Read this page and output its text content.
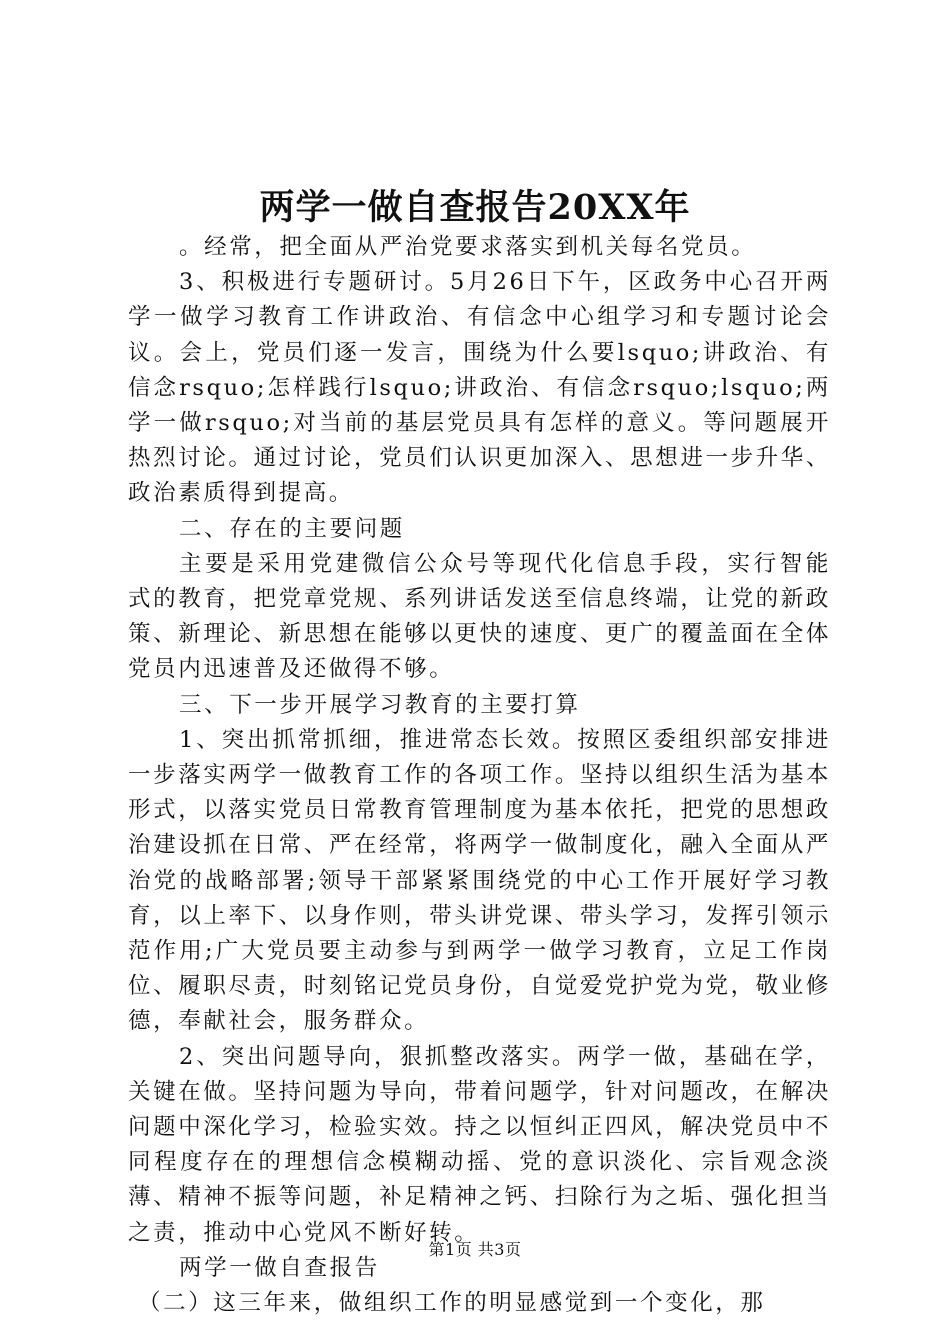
两学一做自查报告20XX年

。经常，把全面从严治党要求落实到机关每名党员。

3、积极进行专题研讨。5月26日下午，区政务中心召开两学一做学习教育工作讲政治、有信念中心组学习和专题讨论会议。会上，党员们逐一发言，围绕为什么要lsquo;讲政治、有信念rsquo;怎样践行lsquo;讲政治、有信念rsquo;lsquo;两学一做rsquo;对当前的基层党员具有怎样的意义。等问题展开热烈讨论。通过讨论，党员们认识更加深入、思想进一步升华、政治素质得到提高。

二、存在的主要问题

主要是采用党建微信公众号等现代化信息手段，实行智能式的教育，把党章党规、系列讲话发送至信息终端，让党的新政策、新理论、新思想在能够以更快的速度、更广的覆盖面在全体党员内迅速普及还做得不够。

三、下一步开展学习教育的主要打算

1、突出抓常抓细，推进常态长效。按照区委组织部安排进一步落实两学一做教育工作的各项工作。坚持以组织生活为基本形式，以落实党员日常教育管理制度为基本依托，把党的思想政治建设抓在日常、严在经常，将两学一做制度化，融入全面从严治党的战略部署;领导干部紧紧围绕党的中心工作开展好学习教育，以上率下、以身作则，带头讲党课、带头学习，发挥引领示范作用;广大党员要主动参与到两学一做学习教育，立足工作岗位、履职尽责，时刻铭记党员身份，自觉爱党护党为党，敬业修德，奉献社会，服务群众。

2、突出问题导向，狠抓整改落实。两学一做，基础在学，关键在做。坚持问题为导向，带着问题学，针对问题改，在解决问题中深化学习，检验实效。持之以恒纠正四风，解决党员中不同程度存在的理想信念模糊动摇、党的意识淡化、宗旨观念淡薄、精神不振等问题，补足精神之钙、扫除行为之垢、强化担当之责，推动中心党风不断好转。

两学一做自查报告

（二）这三年来，做组织工作的明显感觉到一个变化，那

第1页 共3页
